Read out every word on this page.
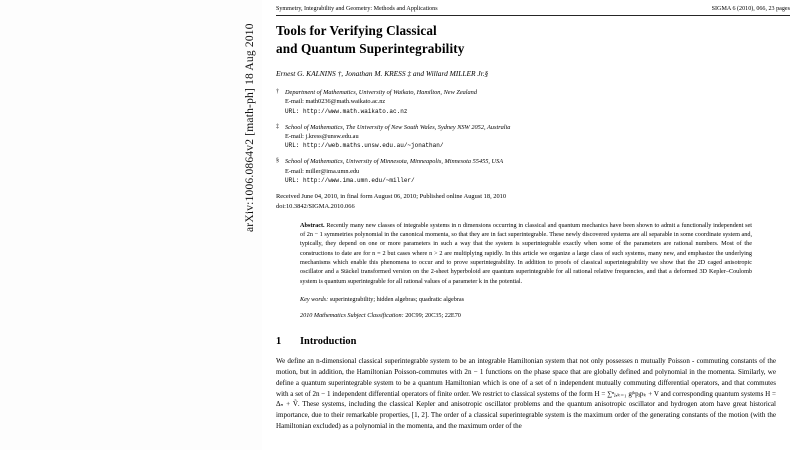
arXiv:1006.0864v2 [math-ph] 18 Aug 2010
Symmetry, Integrability and Geometry: Methods and Applications	SIGMA 6 (2010), 066, 23 pages
Tools for Verifying Classical
and Quantum Superintegrability
Ernest G. KALNINS †, Jonathan M. KRESS ‡ and Willard MILLER Jr.§
† Department of Mathematics, University of Waikato, Hamilton, New Zealand
E-mail: math0236@math.waikato.ac.nz
URL: http://www.math.waikato.ac.nz
‡ School of Mathematics, The University of New South Wales, Sydney NSW 2052, Australia
E-mail: j.kress@unsw.edu.au
URL: http://web.maths.unsw.edu.au/~jonathan/
§ School of Mathematics, University of Minnesota, Minneapolis, Minnesota 55455, USA
E-mail: miller@ima.umn.edu
URL: http://www.ima.umn.edu/~miller/
Received June 04, 2010, in final form August 06, 2010; Published online August 18, 2010
doi:10.3842/SIGMA.2010.066
Abstract. Recently many new classes of integrable systems in n dimensions occurring in classical and quantum mechanics have been shown to admit a functionally independent set of 2n − 1 symmetries polynomial in the canonical momenta, so that they are in fact superintegrable. These newly discovered systems are all separable in some coordinate system and, typically, they depend on one or more parameters in such a way that the system is superintegrable exactly when some of the parameters are rational numbers. Most of the constructions to date are for n = 2 but cases where n > 2 are multiplying rapidly. In this article we organize a large class of such systems, many new, and emphasize the underlying mechanisms which enable this phenomena to occur and to prove superintegrability. In addition to proofs of classical superintegrability we show that the 2D caged anisotropic oscillator and a Stäckel transformed version on the 2-sheet hyperboloid are quantum superintegrable for all rational relative frequencies, and that a deformed 3D Kepler–Coulomb system is quantum superintegrable for all rational values of a parameter k in the potential.
Key words: superintegrability; hidden algebras; quadratic algebras
2010 Mathematics Subject Classification: 20C99; 20C35; 22E70
1 Introduction

We define an n-dimensional classical superintegrable system to be an integrable Hamiltonian system that not only possesses n mutually Poisson - commuting constants of the motion, but in addition, the Hamiltonian Poisson-commutes with 2n − 1 functions on the phase space that are globally defined and polynomial in the momenta. Similarly, we define a quantum superintegrable system to be a quantum Hamiltonian which is one of a set of n independent mutually commuting differential operators, and that commutes with a set of 2n − 1 independent differential operators of finite order. We restrict to classical systems of the form H = ∑ⁿⱼ,ₖ₌₁ gʲᵏpⱼpₖ + V and corresponding quantum systems H = Δₙ + Ṽ. These systems, including the classical Kepler and anisotropic oscillator problems and the quantum anisotropic oscillator and hydrogen atom have great historical importance, due to their remarkable properties, [1, 2]. The order of a classical superintegrable system is the maximum order of the generating constants of the motion (with the Hamiltonian excluded) as a polynomial in the momenta, and the maximum order of the
